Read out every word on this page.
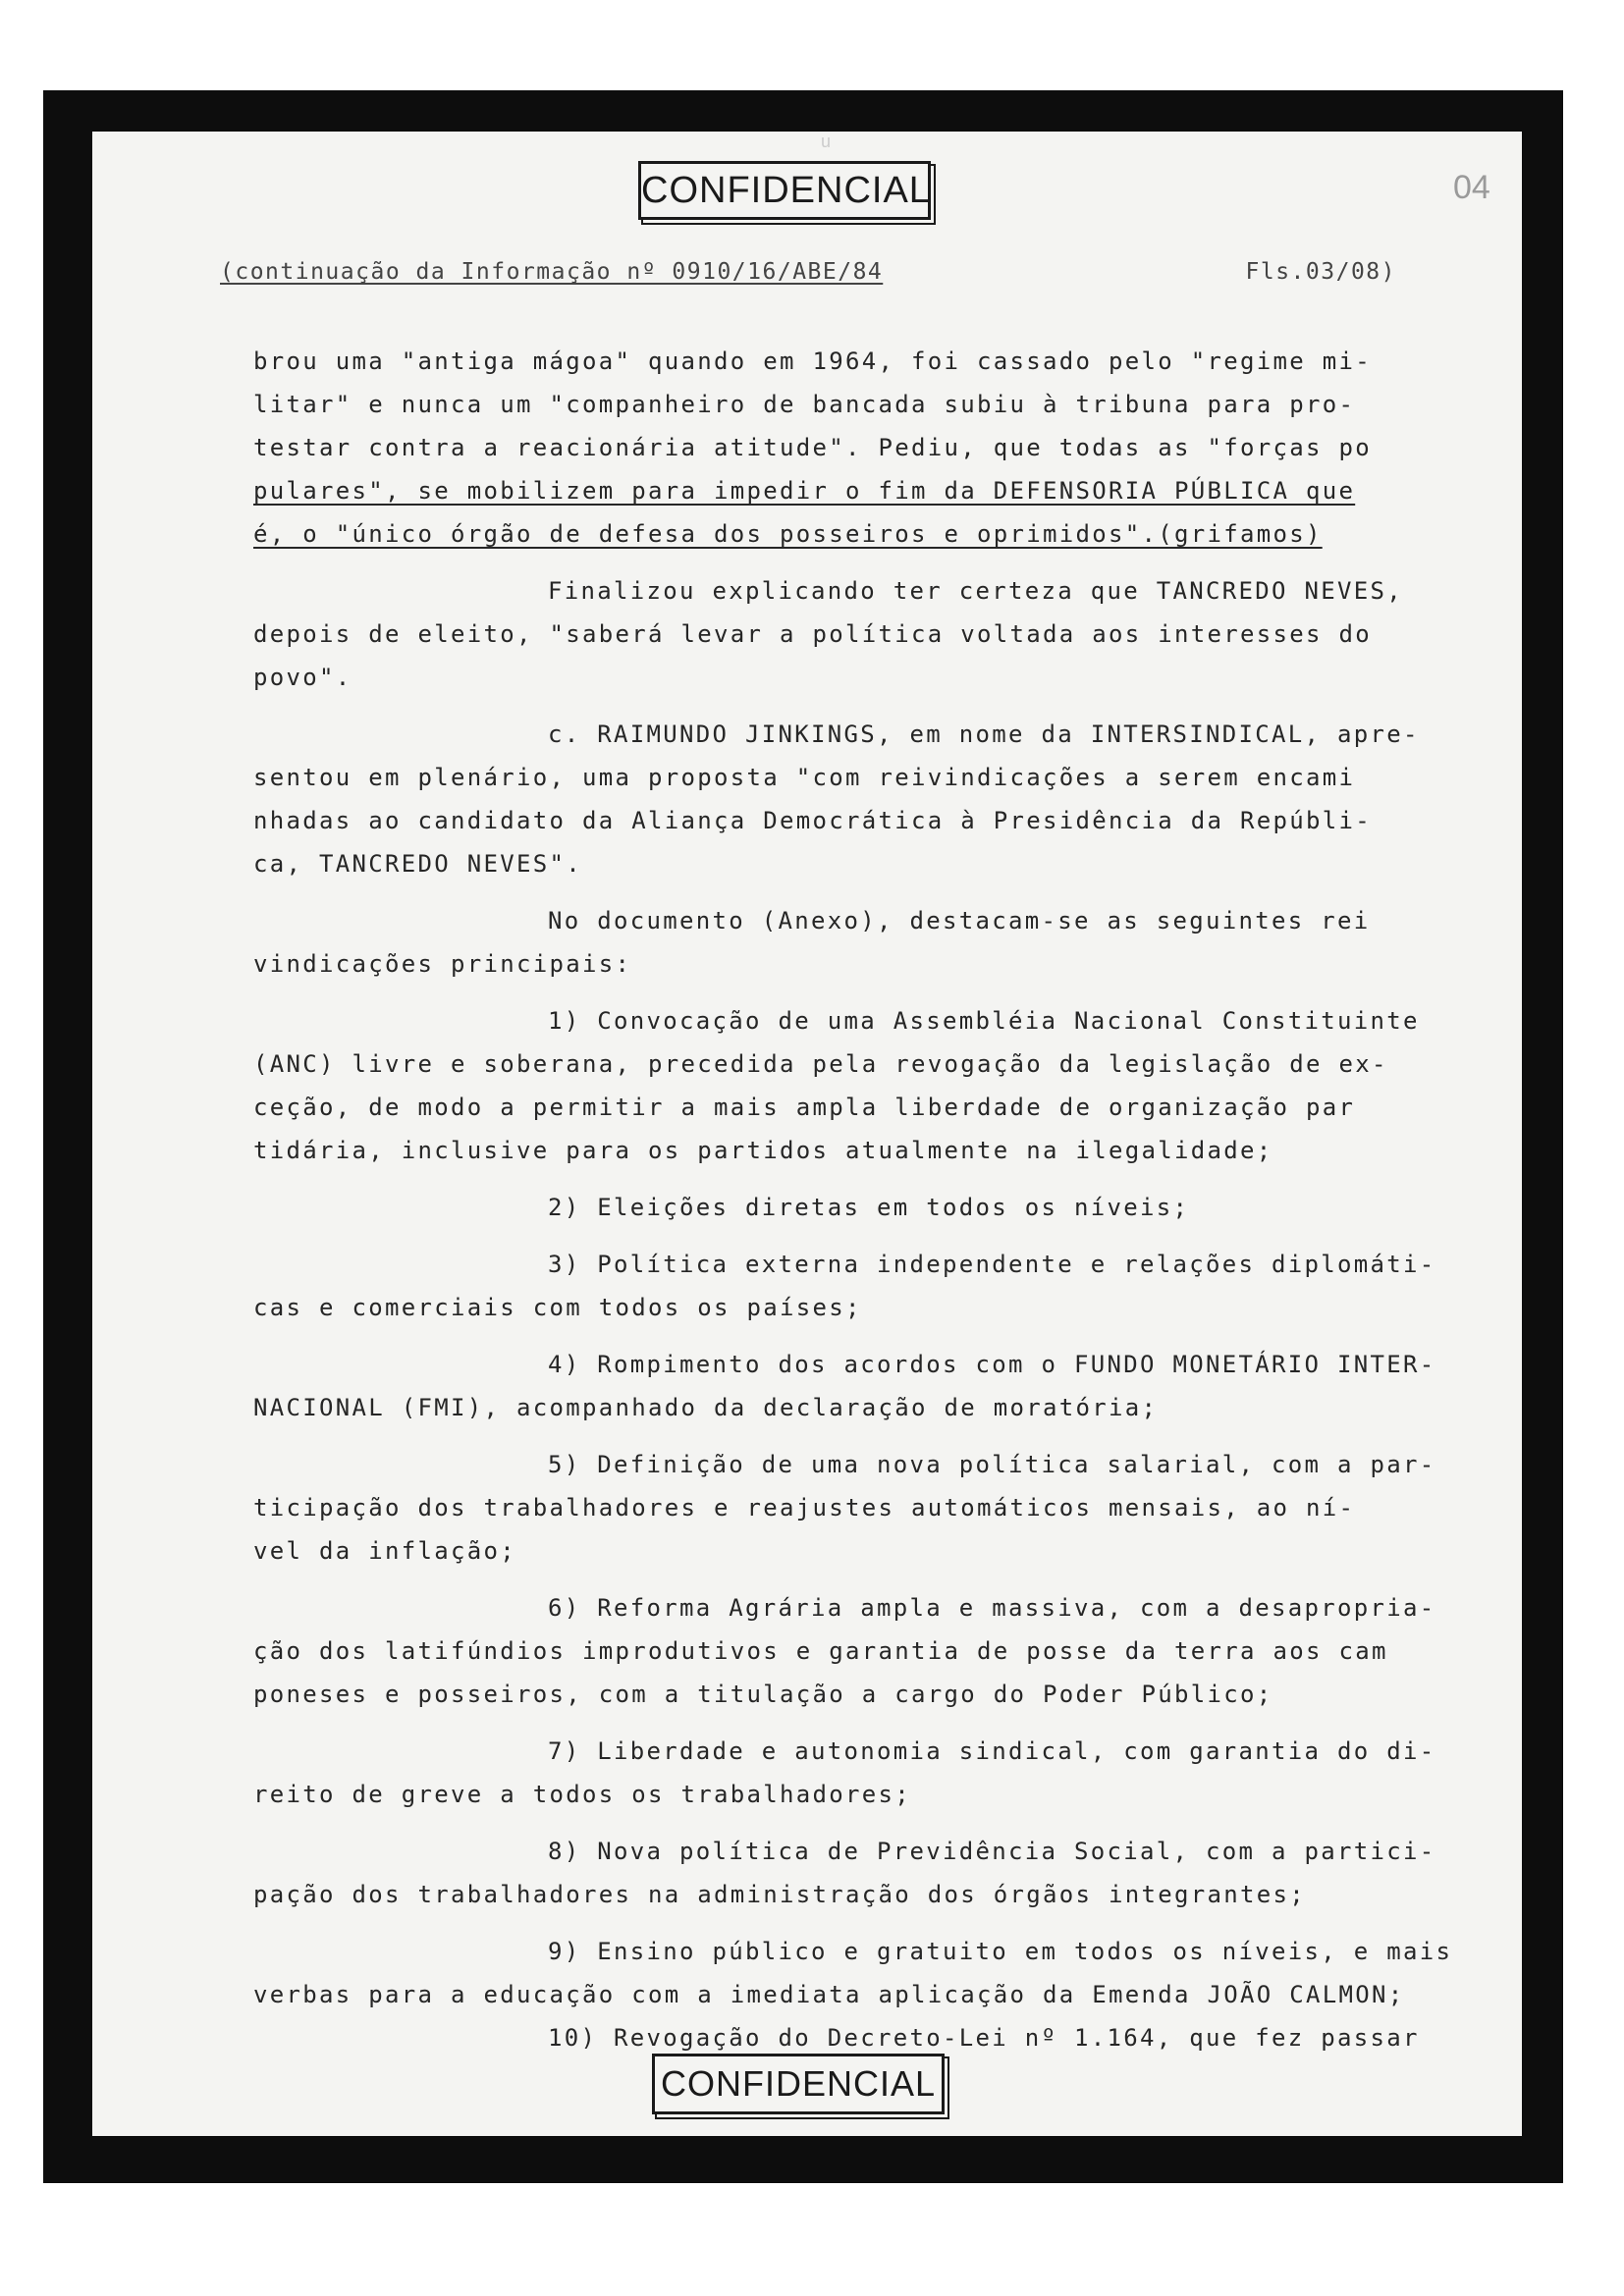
u
CONFIDENCIAL	04
(continuação da Informação nº 0910/16/ABE/84	Fls.03/08)
brou uma "antiga mágoa" quando em 1964, foi cassado pelo "regime mi-
litar" e nunca um "companheiro de bancada subiu à tribuna para pro-
testar contra a reacionária atitude". Pediu, que todas as "forças po
pulares", se mobilizem para impedir o fim da DEFENSORIA PÚBLICA que
é, o "único órgão de defesa dos posseiros e oprimidos".(grifamos)
Finalizou explicando ter certeza que TANCREDO NEVES,
depois de eleito, "saberá levar a política voltada aos interesses do
povo".
c. RAIMUNDO JINKINGS, em nome da INTERSINDICAL, apre-
sentou em plenário, uma proposta "com reivindicações a serem encami
nhadas ao candidato da Aliança Democrática à Presidência da Repúbli-
ca, TANCREDO NEVES".
No documento (Anexo), destacam-se as seguintes rei
vindicações principais:
1) Convocação de uma Assembléia Nacional Constituinte
(ANC) livre e soberana, precedida pela revogação da legislação de ex-
ceção, de modo a permitir a mais ampla liberdade de organização par
tidária, inclusive para os partidos atualmente na ilegalidade;
2) Eleições diretas em todos os níveis;
3) Política externa independente e relações diplomáti-
cas e comerciais com todos os países;
4) Rompimento dos acordos com o FUNDO MONETÁRIO INTER-
NACIONAL (FMI), acompanhado da declaração de moratória;
5) Definição de uma nova política salarial, com a par-
ticipação dos trabalhadores e reajustes automáticos mensais, ao ní-
vel da inflação;
6) Reforma Agrária ampla e massiva, com a desapropria-
ção dos latifúndios improdutivos e garantia de posse da terra aos cam
poneses e posseiros, com a titulação a cargo do Poder Público;
7) Liberdade e autonomia sindical, com garantia do di-
reito de greve a todos os trabalhadores;
8) Nova política de Previdência Social, com a partici-
pação dos trabalhadores na administração dos órgãos integrantes;
9) Ensino público e gratuito em todos os níveis, e mais
verbas para a educação com a imediata aplicação da Emenda JOÃO CALMON;
10) Revogação do Decreto-Lei nº 1.164, que fez passar
CONFIDENCIAL
